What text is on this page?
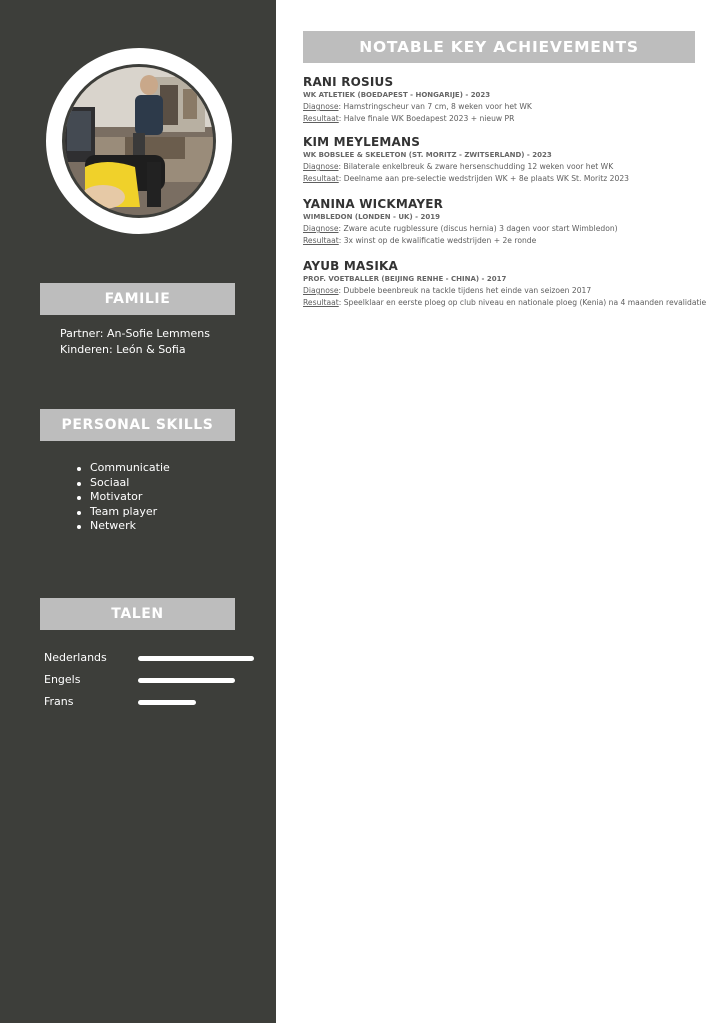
FAMILIE
Partner: An-Sofie Lemmens
Kinderen: León & Sofia
PERSONAL SKILLS
Communicatie
Sociaal
Motivator
Team player
Netwerk
TALEN
Nederlands
Engels
Frans
NOTABLE KEY ACHIEVEMENTS
RANI ROSIUS
WK ATLETIEK (BOEDAPEST - HONGARIJE) - 2023
Diagnose: Hamstringscheur van 7 cm, 8 weken voor het WK
Resultaat: Halve finale WK Boedapest 2023 + nieuw PR
KIM MEYLEMANS
WK BOBSLEE & SKELETON (ST. MORITZ - ZWITSERLAND) - 2023
Diagnose: Bilaterale enkelbreuk & zware hersenschudding 12 weken voor het WK
Resultaat: Deelname aan pre-selectie wedstrijden WK + 8e plaats WK St. Moritz 2023
YANINA WICKMAYER
WIMBLEDON (LONDEN - UK) - 2019
Diagnose: Zware acute rugblessure (discus hernia) 3 dagen voor start Wimbledon)
Resultaat: 3x winst op de kwalificatie wedstrijden + 2e ronde
AYUB MASIKA
PROF. VOETBALLER (BEIJING RENHE - CHINA) - 2017
Diagnose: Dubbele beenbreuk na tackle tijdens het einde van seizoen 2017
Resultaat: Speelklaar en eerste ploeg op club niveau en nationale ploeg (Kenia) na 4 maanden revalidatie
